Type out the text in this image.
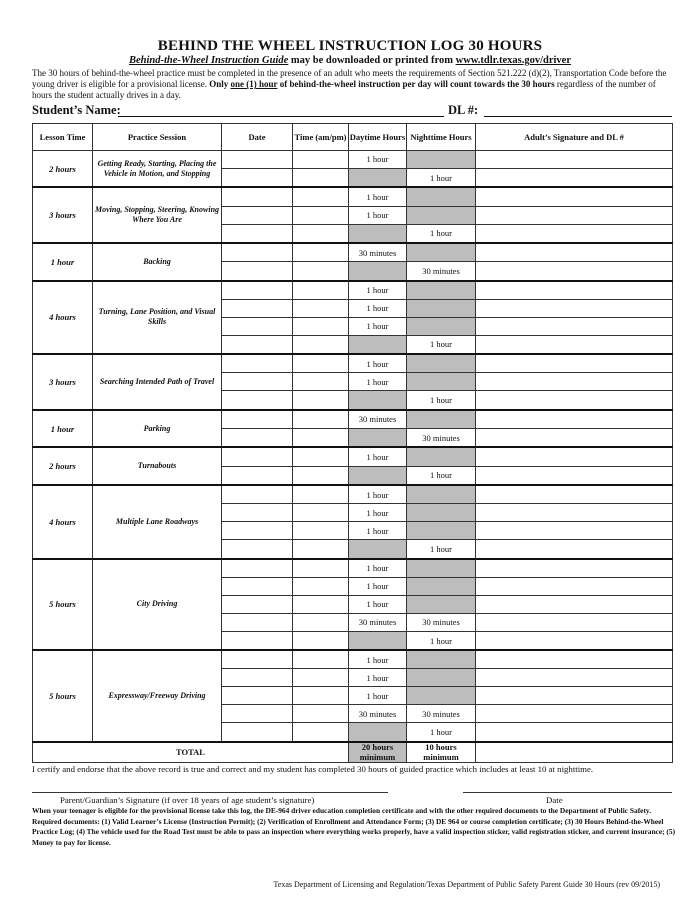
BEHIND THE WHEEL INSTRUCTION LOG 30 HOURS
Behind-the-Wheel Instruction Guide may be downloaded or printed from www.tdlr.texas.gov/driver
The 30 hours of behind-the-wheel practice must be completed in the presence of an adult who meets the requirements of Section 521.222 (d)(2), Transportation Code before the young driver is eligible for a provisional license. Only one (1) hour of behind-the-wheel instruction per day will count towards the 30 hours regardless of the number of hours the student actually drives in a day.
Student’s Name:	DL #:
Lesson Time	Practice Session	Date	Time (am/pm)	Daytime Hours	Nighttime Hours	Adult’s Signature and DL #
2 hours	Getting Ready, Starting, Placing the Vehicle in Motion, and Stopping			1 hour		
					1 hour	
3 hours	Moving, Stopping, Steering, Knowing Where You Are			1 hour		
				1 hour		
					1 hour	
1 hour	Backing			30 minutes		
					30 minutes	
4 hours	Turning, Lane Position, and Visual Skills			1 hour		
				1 hour		
				1 hour		
					1 hour	
3 hours	Searching Intended Path of Travel			1 hour		
				1 hour		
					1 hour	
1 hour	Parking			30 minutes		
					30 minutes	
2 hours	Turnabouts			1 hour		
					1 hour	
4 hours	Multiple Lane Roadways			1 hour		
				1 hour		
				1 hour		
					1 hour	
5 hours	City Driving			1 hour		
				1 hour		
				1 hour		
				30 minutes	30 minutes	
					1 hour	
5 hours	Expressway/Freeway Driving			1 hour		
				1 hour		
				1 hour		
				30 minutes	30 minutes	
					1 hour	
TOTAL				20 hours minimum	10 hours minimum	
I certify and endorse that the above record is true and correct and my student has completed 30 hours of guided practice which includes at least 10 at nighttime.
Parent/Guardian’s Signature (if over 18 years of age student’s signature)	Date
When your teenager is eligible for the provisional license take this log, the DE-964 driver education completion certificate and with the other required documents to the Department of Public Safety. Required documents: (1) Valid Learner’s License (Instruction Permit); (2) Verification of Enrollment and Attendance Form; (3) DE 964 or course completion certificate; (3) 30 Hours Behind-the-Wheel Practice Log; (4) The vehicle used for the Road Test must be able to pass an inspection where everything works properly, have a valid inspection sticker, valid registration sticker, and current insurance; (5) Money to pay for license.
Texas Department of Licensing and Regulation/Texas Department of Public Safety Parent Guide 30 Hours (rev 09/2015)
